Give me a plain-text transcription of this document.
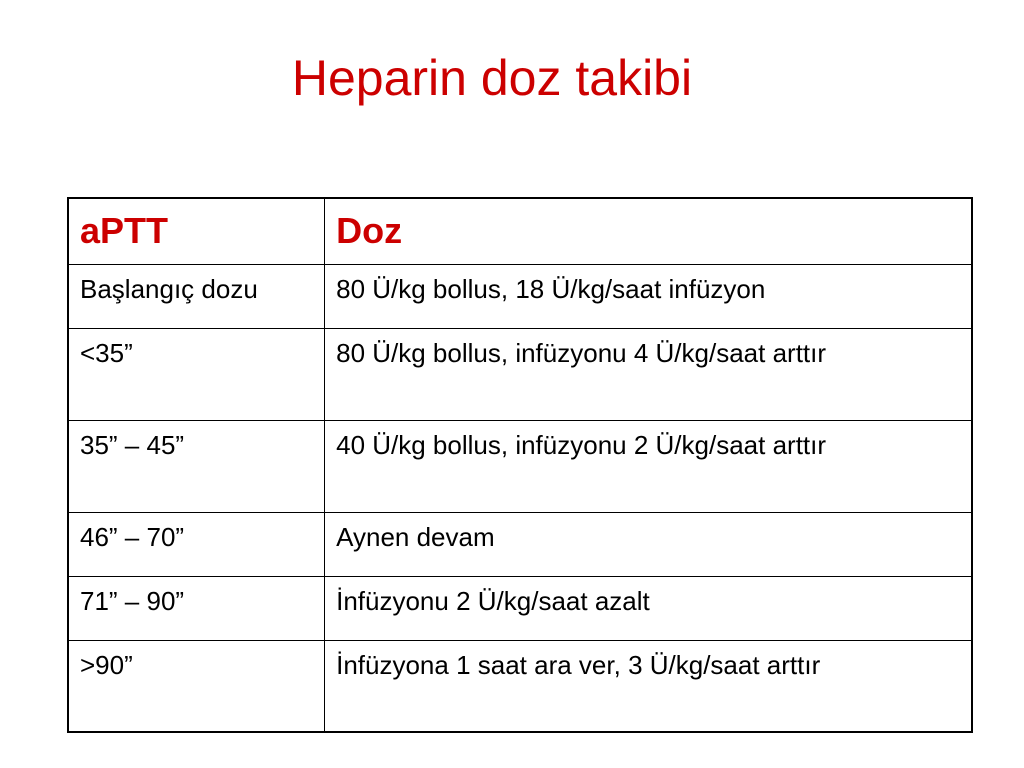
Heparin doz takibi
aPTT	Doz
Başlangıç dozu	80 Ü/kg bollus, 18 Ü/kg/saat infüzyon
<35”	80 Ü/kg bollus, infüzyonu 4 Ü/kg/saat arttır
35” – 45”	40 Ü/kg bollus, infüzyonu 2 Ü/kg/saat arttır
46” – 70”	Aynen devam
71” – 90”	İnfüzyonu 2 Ü/kg/saat azalt
>90”	İnfüzyona 1 saat ara ver, 3 Ü/kg/saat arttır
